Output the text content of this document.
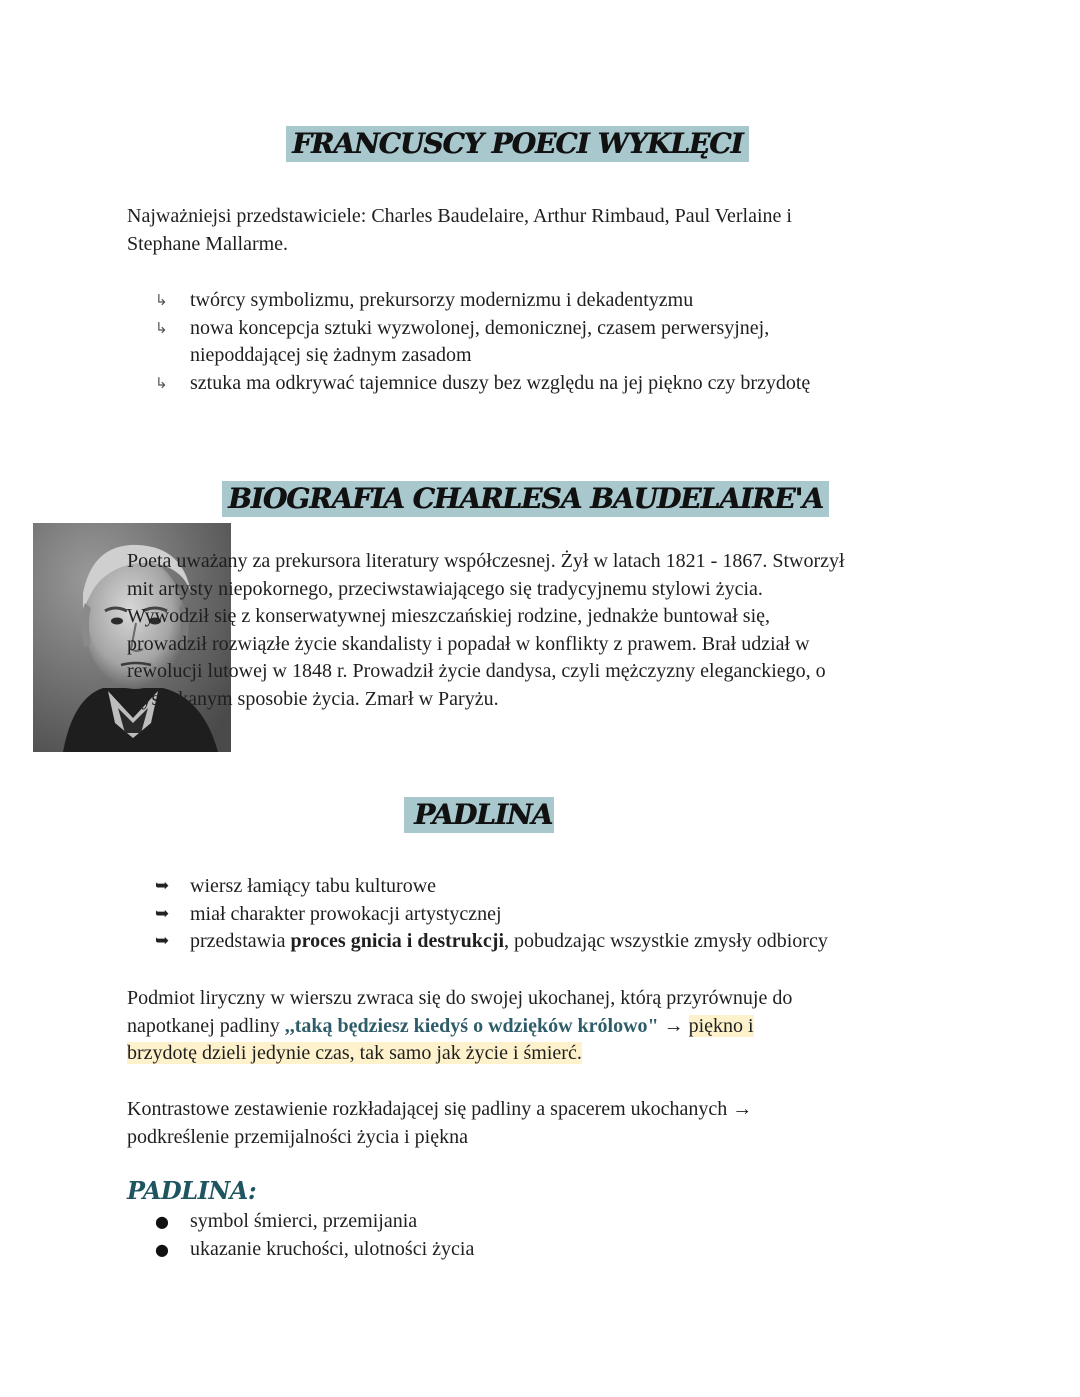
FRANCUSCY POECI WYKLĘCI

Najważniejsi przedstawiciele: Charles Baudelaire, Arthur Rimbaud, Paul Verlaine i
Stephane Mallarme.

↳ twórcy symbolizmu, prekursorzy modernizmu i dekadentyzmu
↳ nowa koncepcja sztuki wyzwolonej, demonicznej, czasem perwersyjnej,
niepoddającej się żadnym zasadom
↳ sztuka ma odkrywać tajemnice duszy bez względu na jej piękno czy brzydotę
BIOGRAFIA CHARLESA BAUDELAIRE'A

Poeta uważany za prekursora literatury współczesnej. Żył w latach 1821 - 1867. Stworzył
mit artysty niepokornego, przeciwstawiającego się tradycyjnemu stylowi życia.
Wywodził się z konserwatywnej mieszczańskiej rodzine, jednakże buntował się,
prowadził rozwiązłe życie skandalisty i popadał w konflikty z prawem. Brał udział w
rewolucji lutowej w 1848 r. Prowadził życie dandysa, czyli mężczyzny eleganckiego, o
wyszukanym sposobie życia. Zmarł w Paryżu.

PADLINA
➥ wiersz łamiący tabu kulturowe
➥ miał charakter prowokacji artystycznej
➥ przedstawia proces gnicia i destrukcji, pobudzając wszystkie zmysły odbiorcy

Podmiot liryczny w wierszu zwraca się do swojej ukochanej, którą przyrównuje do
napotkanej padliny ,,taką będziesz kiedyś o wdzięków królowo" → piękno i
brzydotę dzieli jedynie czas, tak samo jak życie i śmierć.

Kontrastowe zestawienie rozkładającej się padliny a spacerem ukochanych →
podkreślenie przemijalności życia i piękna

PADLINA:
● symbol śmierci, przemijania
● ukazanie kruchości, ulotności życia
